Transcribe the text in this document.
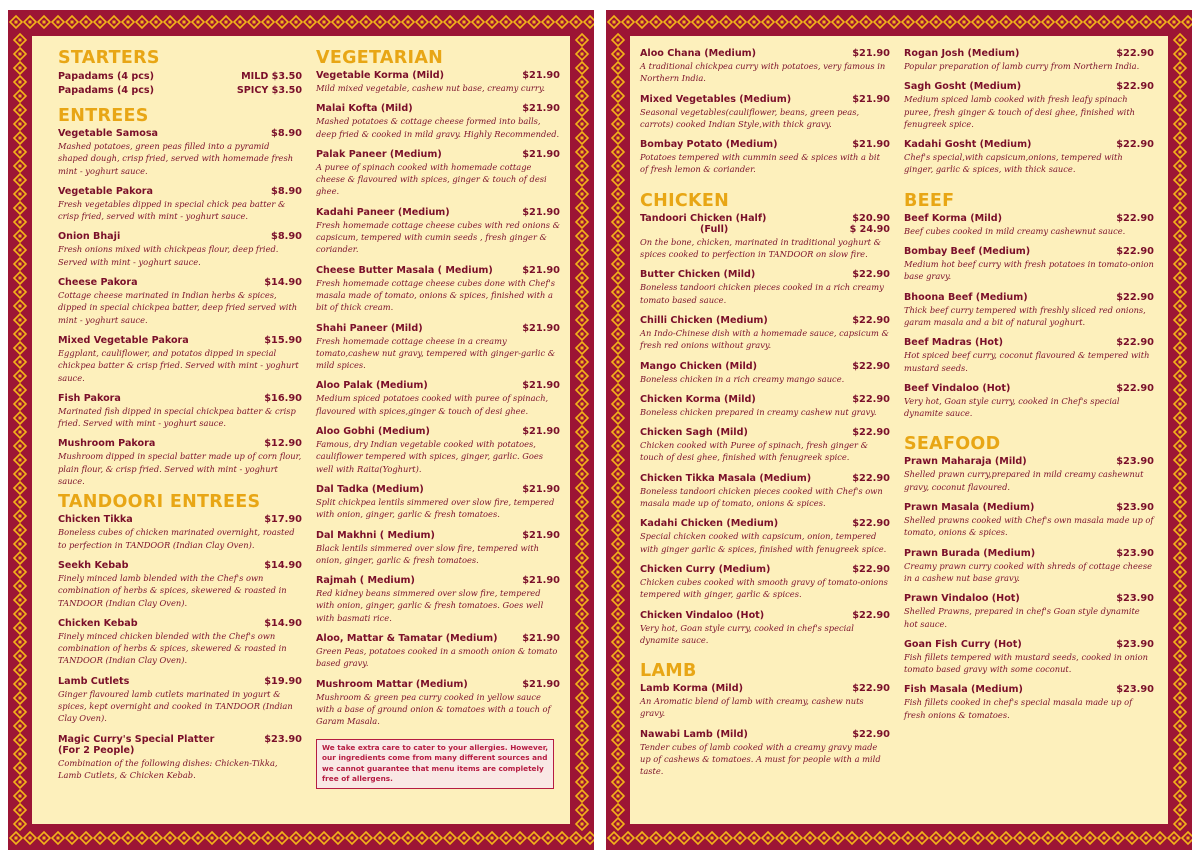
STARTERS
Papadams (4 pcs)	MILD $3.50
Papadams (4 pcs)	SPICY $3.50
ENTREES
Vegetable Samosa	$8.90
Mashed potatoes, green peas filled into a pyramid shaped dough, crisp fried, served with homemade fresh mint - yoghurt sauce.
Vegetable Pakora	$8.90
Fresh vegetables dipped in special chick pea batter & crisp fried, served with mint - yoghurt sauce.
Onion Bhaji	$8.90
Fresh onions mixed with chickpeas flour, deep fried. Served with mint - yoghurt sauce.
Cheese Pakora	$14.90
Cottage cheese marinated in Indian herbs & spices, dipped in special chickpea batter, deep fried served with mint - yoghurt sauce.
Mixed Vegetable Pakora	$15.90
Eggplant, cauliflower, and potatos dipped in special chickpea batter & crisp fried. Served with mint - yoghurt sauce.
Fish Pakora	$16.90
Marinated fish dipped in special chickpea batter & crisp fried. Served with mint - yoghurt sauce.
Mushroom Pakora	$12.90
Mushroom dipped in special batter made up of corn flour, plain flour, & crisp fried. Served with mint - yoghurt sauce.
TANDOORI ENTREES
Chicken Tikka	$17.90
Boneless cubes of chicken marinated overnight, roasted to perfection in TANDOOR (Indian Clay Oven).
Seekh Kebab	$14.90
Finely minced lamb blended with the Chef's own combination of herbs & spices, skewered & roasted in TANDOOR (Indian Clay Oven).
Chicken Kebab	$14.90
Finely minced chicken blended with the Chef's own combination of herbs & spices, skewered & roasted in TANDOOR (Indian Clay Oven).
Lamb Cutlets	$19.90
Ginger flavoured lamb cutlets marinated in yogurt & spices, kept overnight and cooked in TANDOOR (Indian Clay Oven).
Magic Curry's Special Platter	$23.90
(For 2 People)
Combination of the following dishes: Chicken-Tikka, Lamb Cutlets, & Chicken Kebab.
VEGETARIAN
Vegetable Korma (Mild)	$21.90
Mild mixed vegetable, cashew nut base, creamy curry.
Malai Kofta (Mild)	$21.90
Mashed potatoes & cottage cheese formed into balls, deep fried & cooked in mild gravy. Highly Recommended.
Palak Paneer (Medium)	$21.90
A puree of spinach cooked with homemade cottage cheese & flavoured with spices, ginger & touch of desi ghee.
Kadahi Paneer (Medium)	$21.90
Fresh homemade cottage cheese cubes with red onions & capsicum, tempered with cumin seeds , fresh ginger & coriander.
Cheese Butter Masala ( Medium)	$21.90
Fresh homemade cottage cheese cubes done with Chef's masala made of tomato, onions & spices, finished with a bit of thick cream.
Shahi Paneer (Mild)	$21.90
Fresh homemade cottage cheese in a creamy tomato,cashew nut gravy, tempered with ginger-garlic & mild spices.
Aloo Palak (Medium)	$21.90
Medium spiced potatoes cooked with puree of spinach, flavoured with spices,ginger & touch of desi ghee.
Aloo Gobhi (Medium)	$21.90
Famous, dry Indian vegetable cooked with potatoes, cauliflower tempered with spices, ginger, garlic. Goes well with Raita(Yoghurt).
Dal Tadka (Medium)	$21.90
Split chickpea lentils simmered over slow fire, tempered with onion, ginger, garlic & fresh tomatoes.
Dal Makhni ( Medium)	$21.90
Black lentils simmered over slow fire, tempered with onion, ginger, garlic & fresh tomatoes.
Rajmah ( Medium)	$21.90
Red kidney beans simmered over slow fire, tempered with onion, ginger, garlic & fresh tomatoes. Goes well with basmati rice.
Aloo, Mattar & Tamatar (Medium)	$21.90
Green Peas, potatoes cooked in a smooth onion & tomato based gravy.
Mushroom Mattar (Medium)	$21.90
Mushroom & green pea curry cooked in yellow sauce with a base of ground onion & tomatoes with a touch of Garam Masala.
We take extra care to cater to your allergies. However, our ingredients come from many different sources and we cannot guarantee that menu items are completely free of allergens.
Aloo Chana (Medium)	$21.90
A traditional chickpea curry with potatoes, very famous in Northern India.
Mixed Vegetables (Medium)	$21.90
Seasonal vegetables(cauliflower, beans, green peas, carrots) cooked Indian Style,with thick gravy.
Bombay Potato (Medium)	$21.90
Potatoes tempered with cummin seed & spices with a bit of fresh lemon & coriander.
CHICKEN
Tandoori Chicken (Half)	$20.90
(Full)	$ 24.90
On the bone, chicken, marinated in traditional yoghurt & spices cooked to perfection in TANDOOR on slow fire.
Butter Chicken (Mild)	$22.90
Boneless tandoori chicken pieces cooked in a rich creamy tomato based sauce.
Chilli Chicken (Medium)	$22.90
An Indo-Chinese dish with a homemade sauce, capsicum & fresh red onions without gravy.
Mango Chicken (Mild)	$22.90
Boneless chicken in a rich creamy mango sauce.
Chicken Korma (Mild)	$22.90
Boneless chicken prepared in creamy cashew nut gravy.
Chicken Sagh (Mild)	$22.90
Chicken cooked with Puree of spinach, fresh ginger & touch of desi ghee, finished with fenugreek spice.
Chicken Tikka Masala (Medium)	$22.90
Boneless tandoori chicken pieces cooked with Chef's own masala made up of tomato, onions & spices.
Kadahi Chicken (Medium)	$22.90
Special chicken cooked with capsicum, onion, tempered with ginger garlic & spices, finished with fenugreek spice.
Chicken Curry (Medium)	$22.90
Chicken cubes cooked with smooth gravy of tomato-onions tempered with ginger, garlic & spices.
Chicken Vindaloo (Hot)	$22.90
Very hot, Goan style curry, cooked in chef's special dynamite sauce.
LAMB
Lamb Korma (Mild)	$22.90
An Aromatic blend of lamb with creamy, cashew nuts gravy.
Nawabi Lamb (Mild)	$22.90
Tender cubes of lamb cooked with a creamy gravy made up of cashews & tomatoes. A must for people with a mild taste.
Rogan Josh (Medium)	$22.90
Popular preparation of lamb curry from Northern India.
Sagh Gosht (Medium)	$22.90
Medium spiced lamb cooked with fresh leafy spinach puree, fresh ginger & touch of desi ghee, finished with fenugreek spice.
Kadahi Gosht (Medium)	$22.90
Chef's special,with capsicum,onions, tempered with ginger, garlic & spices, with thick sauce.
BEEF
Beef Korma (Mild)	$22.90
Beef cubes cooked in mild creamy cashewnut sauce.
Bombay Beef (Medium)	$22.90
Medium hot beef curry with fresh potatoes in tomato-onion base gravy.
Bhoona Beef (Medium)	$22.90
Thick beef curry tempered with freshly sliced red onions, garam masala and a bit of natural yoghurt.
Beef Madras (Hot)	$22.90
Hot spiced beef curry, coconut flavoured & tempered with mustard seeds.
Beef Vindaloo (Hot)	$22.90
Very hot, Goan style curry, cooked in Chef's special dynamite sauce.
SEAFOOD
Prawn Maharaja (Mild)	$23.90
Shelled prawn curry,prepared in mild creamy cashewnut gravy, coconut flavoured.
Prawn Masala (Medium)	$23.90
Shelled prawns cooked with Chef's own masala made up of tomato, onions & spices.
Prawn Burada (Medium)	$23.90
Creamy prawn curry cooked with shreds of cottage cheese in a cashew nut base gravy.
Prawn Vindaloo (Hot)	$23.90
Shelled Prawns, prepared in chef's Goan style dynamite hot sauce.
Goan Fish Curry (Hot)	$23.90
Fish fillets tempered with mustard seeds, cooked in onion tomato based gravy with some coconut.
Fish Masala (Medium)	$23.90
Fish fillets cooked in chef's special masala made up of fresh onions & tomatoes.
